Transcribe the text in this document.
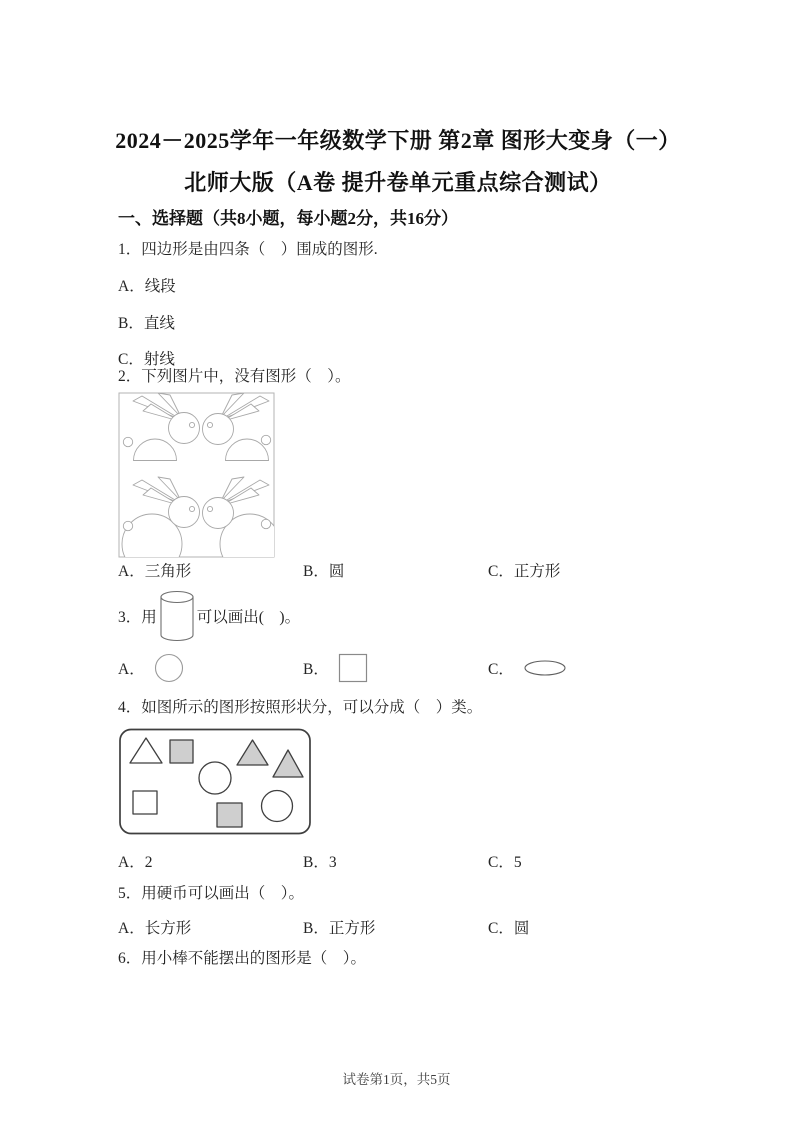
2024－2025学年一年级数学下册 第2章 图形大变身（一）
北师大版（A卷 提升卷单元重点综合测试）
一、选择题（共8小题，每小题2分，共16分）
1．四边形是由四条（　）围成的图形.
A．线段
B．直线
C．射线
2．下列图片中，没有图形（　）。
A．三角形	B．圆	C．正方形
3．用	可以画出(　)。
A．	B．	C．
4．如图所示的图形按照形状分，可以分成（　）类。
A．2	B．3	C．5
5．用硬币可以画出（　）。
A．长方形	B．正方形	C．圆
6．用小棒不能摆出的图形是（　）。
试卷第1页，共5页
